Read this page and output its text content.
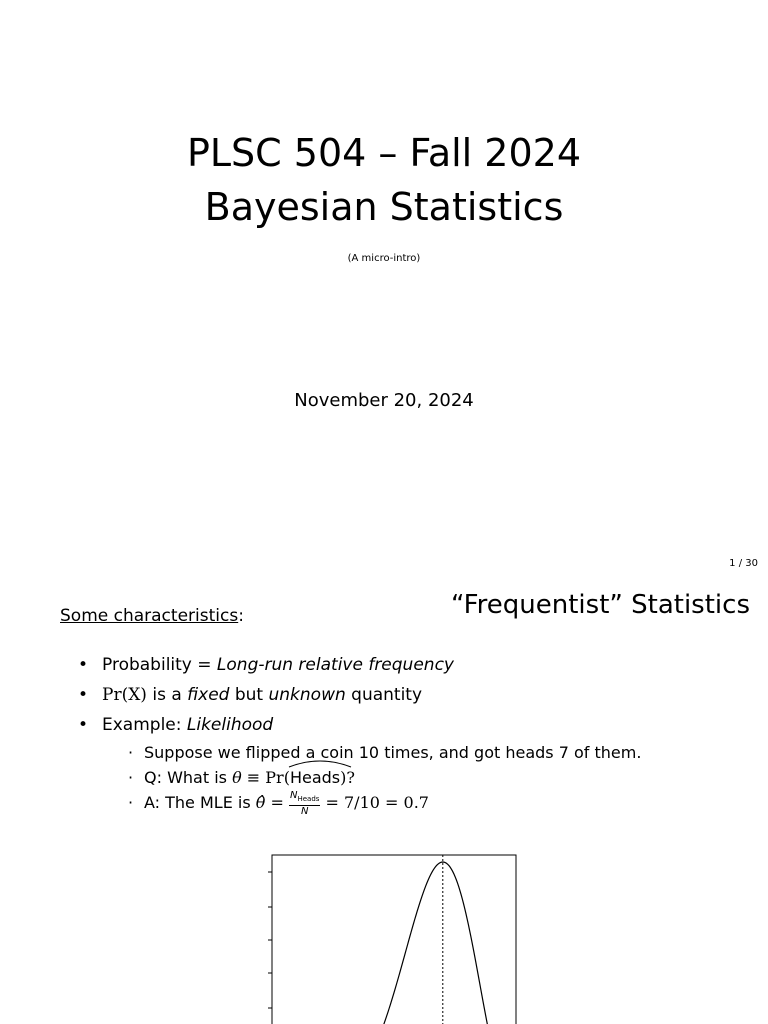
PLSC 504 – Fall 2024
Bayesian Statistics
(A micro-intro)
November 20, 2024
1 / 30
“Frequentist” Statistics
Some characteristics:
• Probability = Long-run relative frequency
• Pr(X) is a fixed but unknown quantity
• Example: Likelihood
· Suppose we flipped a coin 10 times, and got heads 7 of them.
· Q: What is θ ≡ Pr(
Heads)?
· A: The MLE is θ̂ = $\frac{N_{Heads}}{N} = 7/10 = 0.7$
